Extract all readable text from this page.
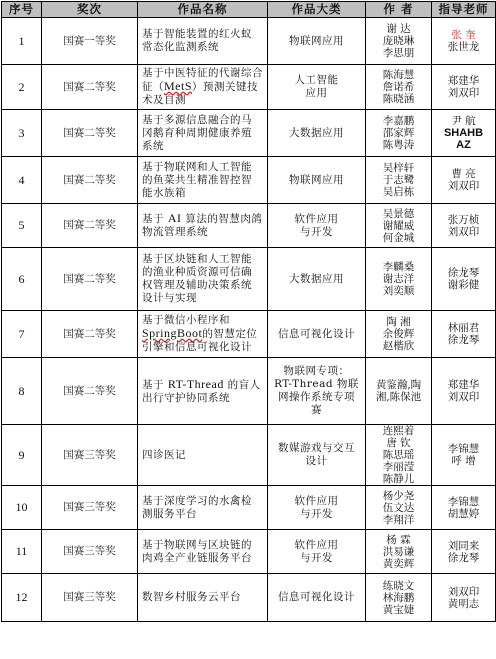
序号	奖次	作品名称	作品大类	作 者	指导老师
1	国赛一等奖	基于智能装置的红火蚁
常态化监测系统	物联网应用	谢 达
庞晓琳
李思朋	张 奎
张世龙

2	国赛二等奖	基于中医特征的代谢综合征（MetS）预测关键技术及自测	人工智能
应用	陈海慧
詹诺希
陈晓涵	郑建华
刘双印

3	国赛二等奖	基于多源信息融合的马
冈鹅育种周期健康养殖
系统	大数据应用	李嘉鹏
邵家辉
陈粤涛	尹 航
SHAHB
AZ

4	国赛二等奖	基于物联网和人工智能
的鱼菜共生精准智控智
能水族箱	物联网应用	吴梓轩
于志鹭
吴启栋	曹 亮
刘双印

5	国赛二等奖	基于 AI 算法的智慧肉鸽物流管理系统	软件应用
与开发	吴景德
谢耀威
何金城	张万桢
刘双印

6	国赛二等奖	基于区块链和人工智能
的渔业种质资源可信确
权管理及辅助决策系统
设计与实现	大数据应用	李麟桑
谢志洋
刘奕顺	徐龙琴
谢彩健

7	国赛二等奖	基于微信小程序和SpringBoot的智慧定位引擎和信息可视化设计	信息可视化设计	陶 湘
余俊辉
赵楷欣	林丽君
徐龙琴

8	国赛二等奖	基于 RT-Thread 的盲人出行守护协同系统	物联网专项：
RT-Thread 物联
网操作系统专项
赛	黄鉴瀚,陶
湘,陈保池	郑建华
刘双印

9	国赛三等奖	四诊医记	数媒游戏与交互
设计	连熙着
唐 钦
陈思瑶
李丽滢
陈静儿	李锦慧
呼 增

10	国赛三等奖	基于深度学习的水禽检
测服务平台	软件应用
与开发	杨少尧
伍文达
李翔洋	李锦慧
胡慧婷

11	国赛三等奖	基于物联网与区块链的
肉鸡全产业链服务平台	软件应用
与开发	杨 霖
洪易谦
黄奕辉	刘同来
徐龙琴

12	国赛三等奖	数智乡村服务云平台	信息可视化设计	练晓文
林海鹏
黄宝婕	刘双印
黄明志
